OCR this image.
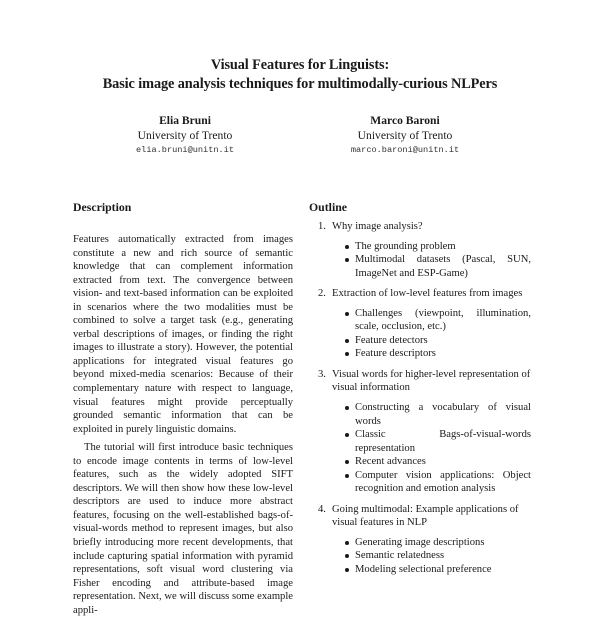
Visual Features for Linguists:
Basic image analysis techniques for multimodally-curious NLPers
Elia Bruni
University of Trento
elia.bruni@unitn.it
Marco Baroni
University of Trento
marco.baroni@unitn.it
Description

Features automatically extracted from images constitute a new and rich source of semantic knowledge that can complement information extracted from text. The convergence between vision- and text-based information can be exploited in scenarios where the two modalities must be combined to solve a target task (e.g., generating verbal descriptions of images, or finding the right images to illustrate a story). However, the potential applications for integrated visual features go beyond mixed-media scenarios: Because of their complementary nature with respect to language, visual features might provide perceptually grounded semantic information that can be exploited in purely linguistic domains.

The tutorial will first introduce basic techniques to encode image contents in terms of low-level features, such as the widely adopted SIFT descriptors. We will then show how these low-level descriptors are used to induce more abstract features, focusing on the well-established bags-of-visual-words method to represent images, but also briefly introducing more recent developments, that include capturing spatial information with pyramid representations, soft visual word clustering via Fisher encoding and attribute-based image representation. Next, we will discuss some example appli-

Outline
1. Why image analysis?
The grounding problem
Multimodal datasets (Pascal, SUN, ImageNet and ESP-Game)
2. Extraction of low-level features from images
Challenges (viewpoint, illumination, scale, occlusion, etc.)
Feature detectors
Feature descriptors
3. Visual words for higher-level representation of visual information
Constructing a vocabulary of visual words
Classic Bags-of-visual-words representation
Recent advances
Computer vision applications: Object recognition and emotion analysis
4. Going multimodal: Example applications of visual features in NLP
Generating image descriptions
Semantic relatedness
Modeling selectional preference
